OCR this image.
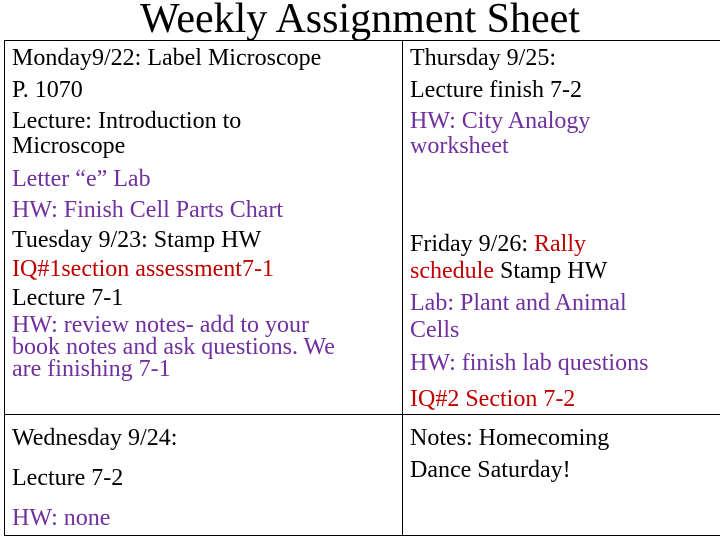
Weekly Assignment Sheet
Monday9/22: Label Microscope
P. 1070
Lecture: Introduction to
Microscope
Letter “e” Lab
HW: Finish Cell Parts Chart
Tuesday 9/23: Stamp HW
IQ#1section assessment7-1
Lecture 7-1
HW: review notes- add to your
book notes and ask questions. We
are finishing 7-1
Wednesday 9/24:
Lecture 7-2
HW: none
Thursday 9/25:
Lecture finish 7-2
HW: City Analogy
worksheet
Friday 9/26: Rally
schedule Stamp HW
Lab: Plant and Animal
Cells
HW: finish lab questions
IQ#2 Section 7-2
Notes: Homecoming
Dance Saturday!
